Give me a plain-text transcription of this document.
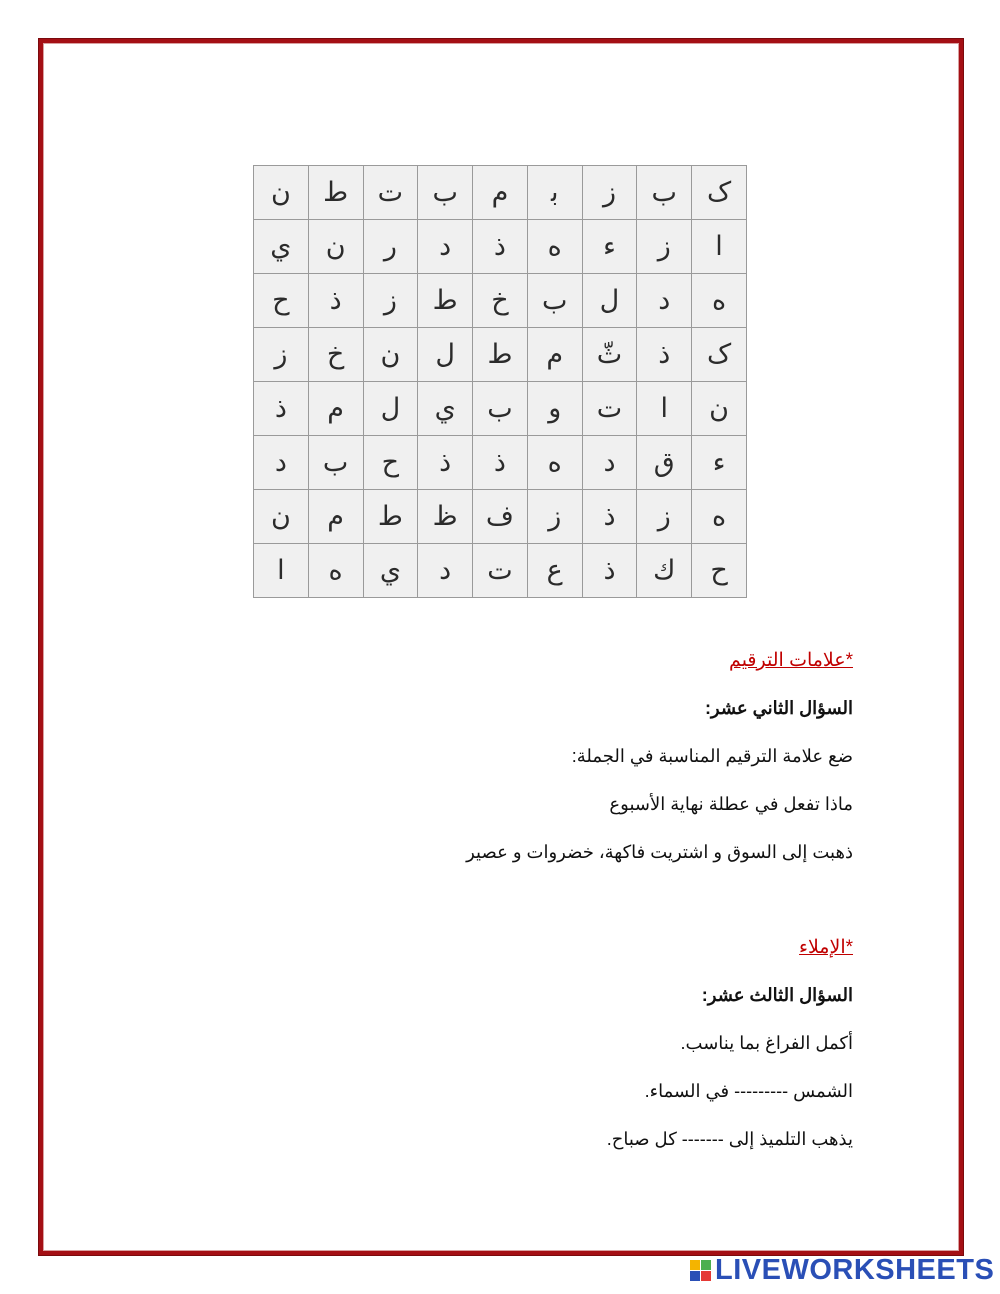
ن	ط	ت	ب	م	ﺑ	ز	ب	ک
ي	ن	ر	د	ذ	ه	ء	ز	ا
ح	ذ	ز	ط	خ	ب	ل	د	ه
ز	خ	ن	ل	ط	م	ثّ	ذ	ک
ذ	م	ل	ي	ب	و	ت	ا	ن
د	ب	ح	ذ	ذ	ه	د	ق	ء
ن	م	ط	ظ	ف	ز	ذ	ز	ه
ا	ه	ي	د	ت	ع	ذ	ك	ح
*علامات الترقيم
السؤال الثاني عشر:
ضع علامة الترقيم المناسبة في الجملة:
ماذا تفعل في عطلة نهاية الأسبوع
ذهبت إلى السوق و اشتريت فاكهة، خضروات و عصير
*الإملاء
السؤال الثالث عشر:
أكمل الفراغ بما يناسب.
الشمس --------- في السماء.
يذهب التلميذ إلى ------- كل صباح.
LIVEWORKSHEETS
